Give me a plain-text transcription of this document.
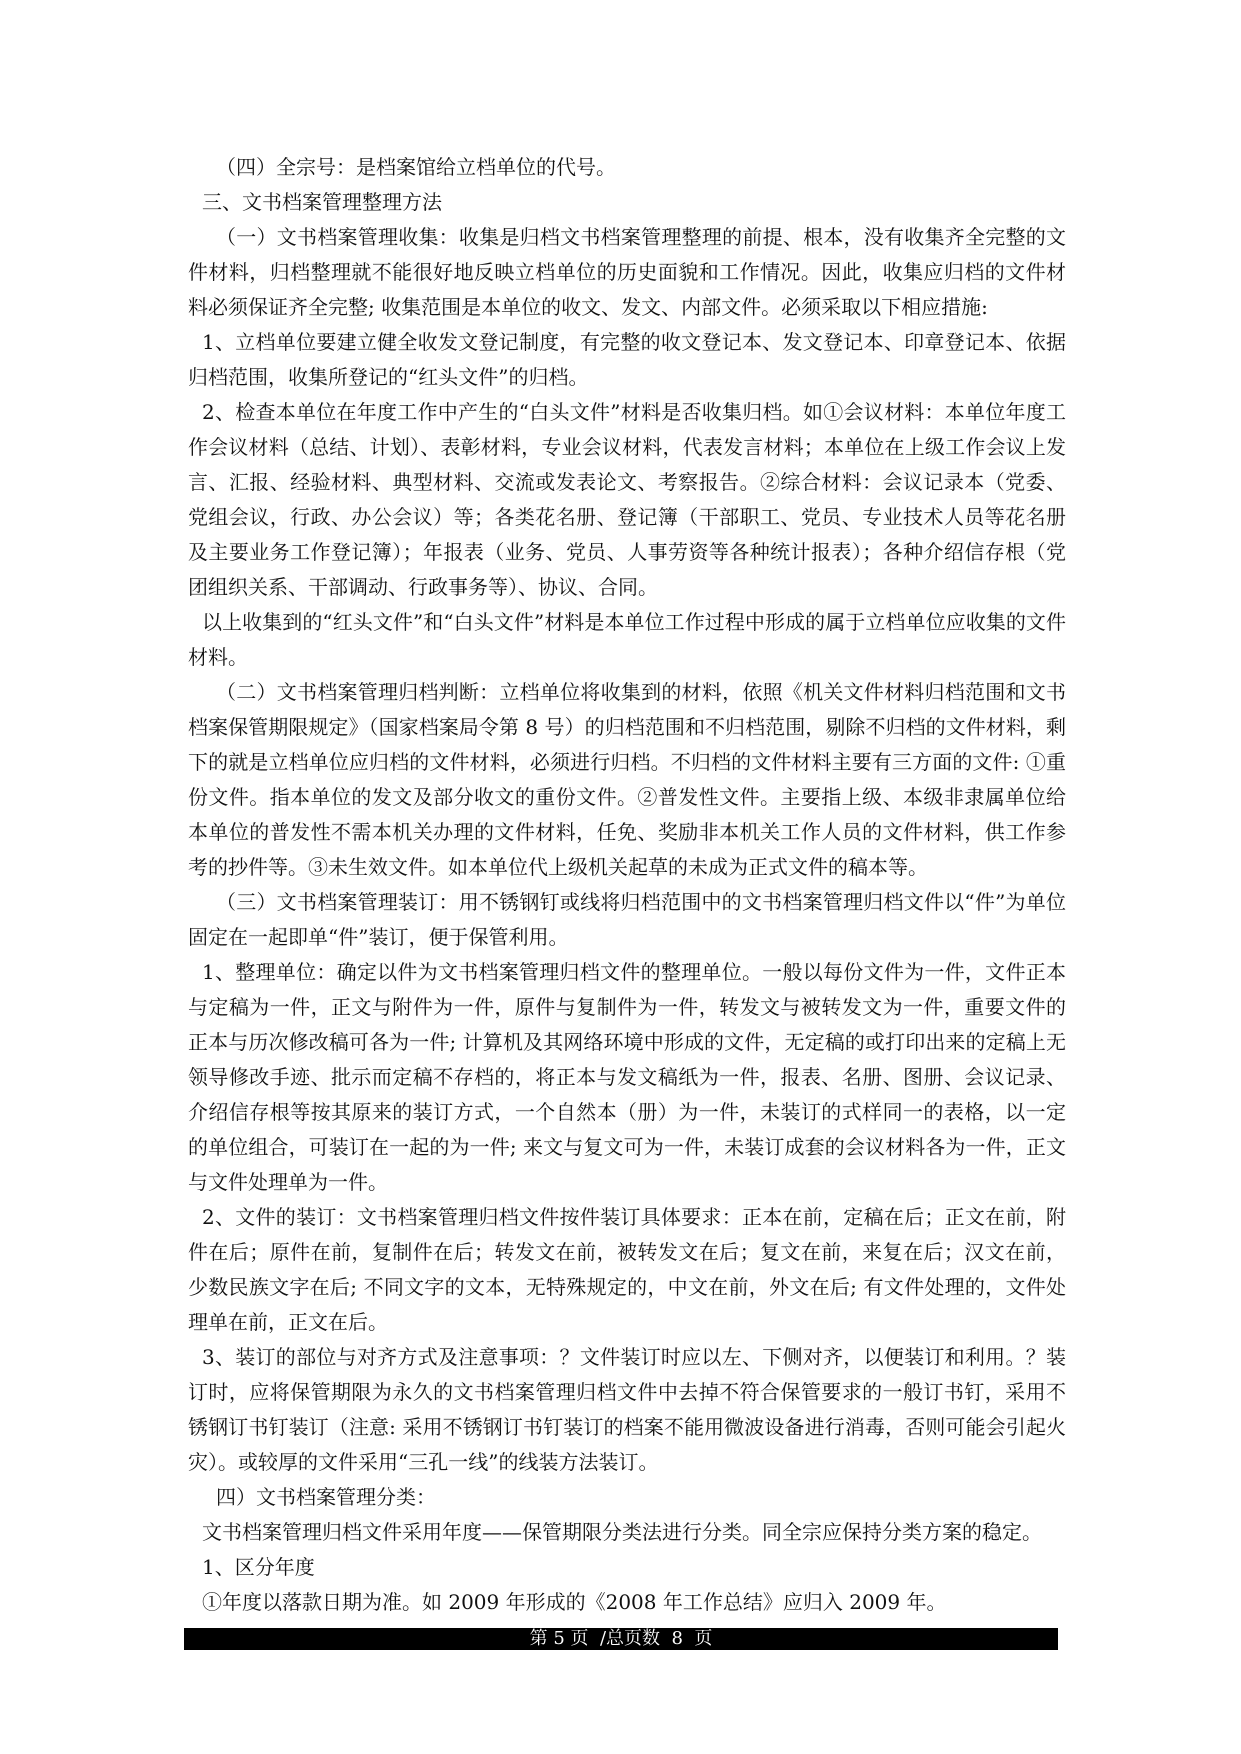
（四）全宗号：是档案馆给立档单位的代号。

三、文书档案管理整理方法

（一）文书档案管理收集：收集是归档文书档案管理整理的前提、根本，没有收集齐全完整的文件材料，归档整理就不能很好地反映立档单位的历史面貌和工作情况。因此，收集应归档的文件材料必须保证齐全完整; 收集范围是本单位的收文、发文、内部文件。必须采取以下相应措施:

1、立档单位要建立健全收发文登记制度，有完整的收文登记本、发文登记本、印章登记本、依据归档范围，收集所登记的“红头文件”的归档。

2、检查本单位在年度工作中产生的“白头文件”材料是否收集归档。如①会议材料：本单位年度工作会议材料（总结、计划）、表彰材料，专业会议材料，代表发言材料；本单位在上级工作会议上发言、汇报、经验材料、典型材料、交流或发表论文、考察报告。②综合材料：会议记录本（党委、党组会议，行政、办公会议）等；各类花名册、登记簿（干部职工、党员、专业技术人员等花名册及主要业务工作登记簿）；年报表（业务、党员、人事劳资等各种统计报表）；各种介绍信存根（党团组织关系、干部调动、行政事务等）、协议、合同。

以上收集到的“红头文件”和“白头文件”材料是本单位工作过程中形成的属于立档单位应收集的文件材料。

（二）文书档案管理归档判断：立档单位将收集到的材料，依照《机关文件材料归档范围和文书档案保管期限规定》（国家档案局令第 8 号）的归档范围和不归档范围，剔除不归档的文件材料，剩下的就是立档单位应归档的文件材料，必须进行归档。不归档的文件材料主要有三方面的文件: ①重份文件。指本单位的发文及部分收文的重份文件。②普发性文件。主要指上级、本级非隶属单位给本单位的普发性不需本机关办理的文件材料，任免、奖励非本机关工作人员的文件材料，供工作参考的抄件等。③未生效文件。如本单位代上级机关起草的未成为正式文件的稿本等。

（三）文书档案管理装订：用不锈钢钉或线将归档范围中的文书档案管理归档文件以“件”为单位固定在一起即单“件”装订，便于保管利用。

1、整理单位：确定以件为文书档案管理归档文件的整理单位。一般以每份文件为一件，文件正本与定稿为一件，正文与附件为一件，原件与复制件为一件，转发文与被转发文为一件，重要文件的正本与历次修改稿可各为一件; 计算机及其网络环境中形成的文件，无定稿的或打印出来的定稿上无领导修改手迹、批示而定稿不存档的，将正本与发文稿纸为一件，报表、名册、图册、会议记录、介绍信存根等按其原来的装订方式，一个自然本（册）为一件，未装订的式样同一的表格，以一定的单位组合，可装订在一起的为一件; 来文与复文可为一件，未装订成套的会议材料各为一件，正文与文件处理单为一件。

2、文件的装订：文书档案管理归档文件按件装订具体要求：正本在前，定稿在后；正文在前，附件在后；原件在前，复制件在后；转发文在前，被转发文在后；复文在前，来复在后；汉文在前，少数民族文字在后; 不同文字的文本，无特殊规定的，中文在前，外文在后; 有文件处理的，文件处理单在前，正文在后。

3、装订的部位与对齐方式及注意事项：？文件装订时应以左、下侧对齐，以便装订和利用。？装订时，应将保管期限为永久的文书档案管理归档文件中去掉不符合保管要求的一般订书钉，采用不锈钢订书钉装订（注意: 采用不锈钢订书钉装订的档案不能用微波设备进行消毒，否则可能会引起火灾）。或较厚的文件采用“三孔一线”的线装方法装订。

四）文书档案管理分类：

文书档案管理归档文件采用年度——保管期限分类法进行分类。同全宗应保持分类方案的稳定。

1、区分年度

①年度以落款日期为准。如 2009 年形成的《2008 年工作总结》应归入 2009 年。

第 5 页  /总页数  8  页
